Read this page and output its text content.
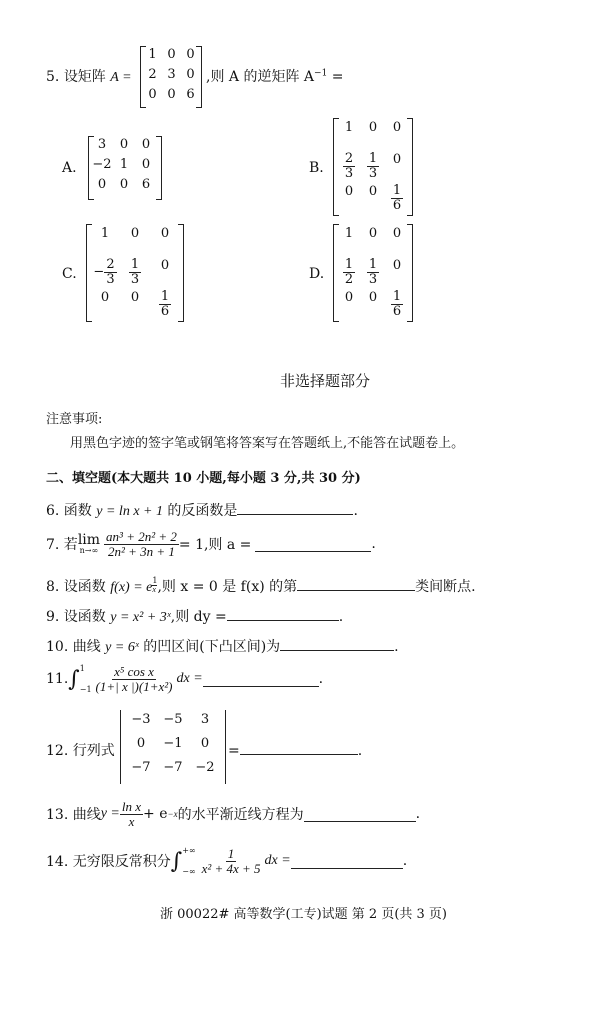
5. 设矩阵 A =
1 0 0
2 3 0
0 0 6
,则 A 的逆矩阵 $A^{-1}$ =
A.
3	0	0
−2 1	0
0	0	6
B.
1	0	0
$\frac{2}{3} \frac{1}{3}$	0
0	0	$\frac{1}{6}$
C.
1	0	0
− $\frac{2}{3} \frac{1}{3}$	0
0	0	$\frac{1}{6}$
D.
1	0	0
$\frac{1}{2} \frac{1}{3}$	0
0	0	$\frac{1}{6}$
非选择题部分
注意事项:
用黑色字迹的签字笔或钢笔将答案写在答题纸上,不能答在试题卷上。
二、填空题(本大题共 10 小题,每小题 3 分,共 30 分)
6. 函数 y = ln x + 1 的反函数是	.
7. 若 lim
$n\to\infty \frac{\text{an³ + 2n² + 2}}{\text{2n² + 3n + 1}} = 1$,则 a =	.
8. 设函数 f(x) = e $^{\frac{1}{x}}$ ,则 x = 0 是 f(x) 的第	类间断点.
9. 设函数 y = x² + 3ˣ,则 dy =	.
10. 曲线 y = 6ˣ 的凹区间(下凸区间)为	.
11. ∫ 1
$-1 \frac{\text{x⁵ cos x}}{\text{(1+| x |)(1+x²)}}$ dx =	.
12. 行列式
−3 −5	3
0	−1	0
−7 −7 −2
=	.
13. 曲线 $y = \frac{\text{ln x}}{x} + e -x$ 的水平渐近线方程为	.
14. 无穷限反常积分 ∫ +∞
−∞ $\frac{1}{\text{x² + 4x + 5}}$ dx =	.
浙 00022# 高等数学(工专)试题 第 2 页(共 3 页)
